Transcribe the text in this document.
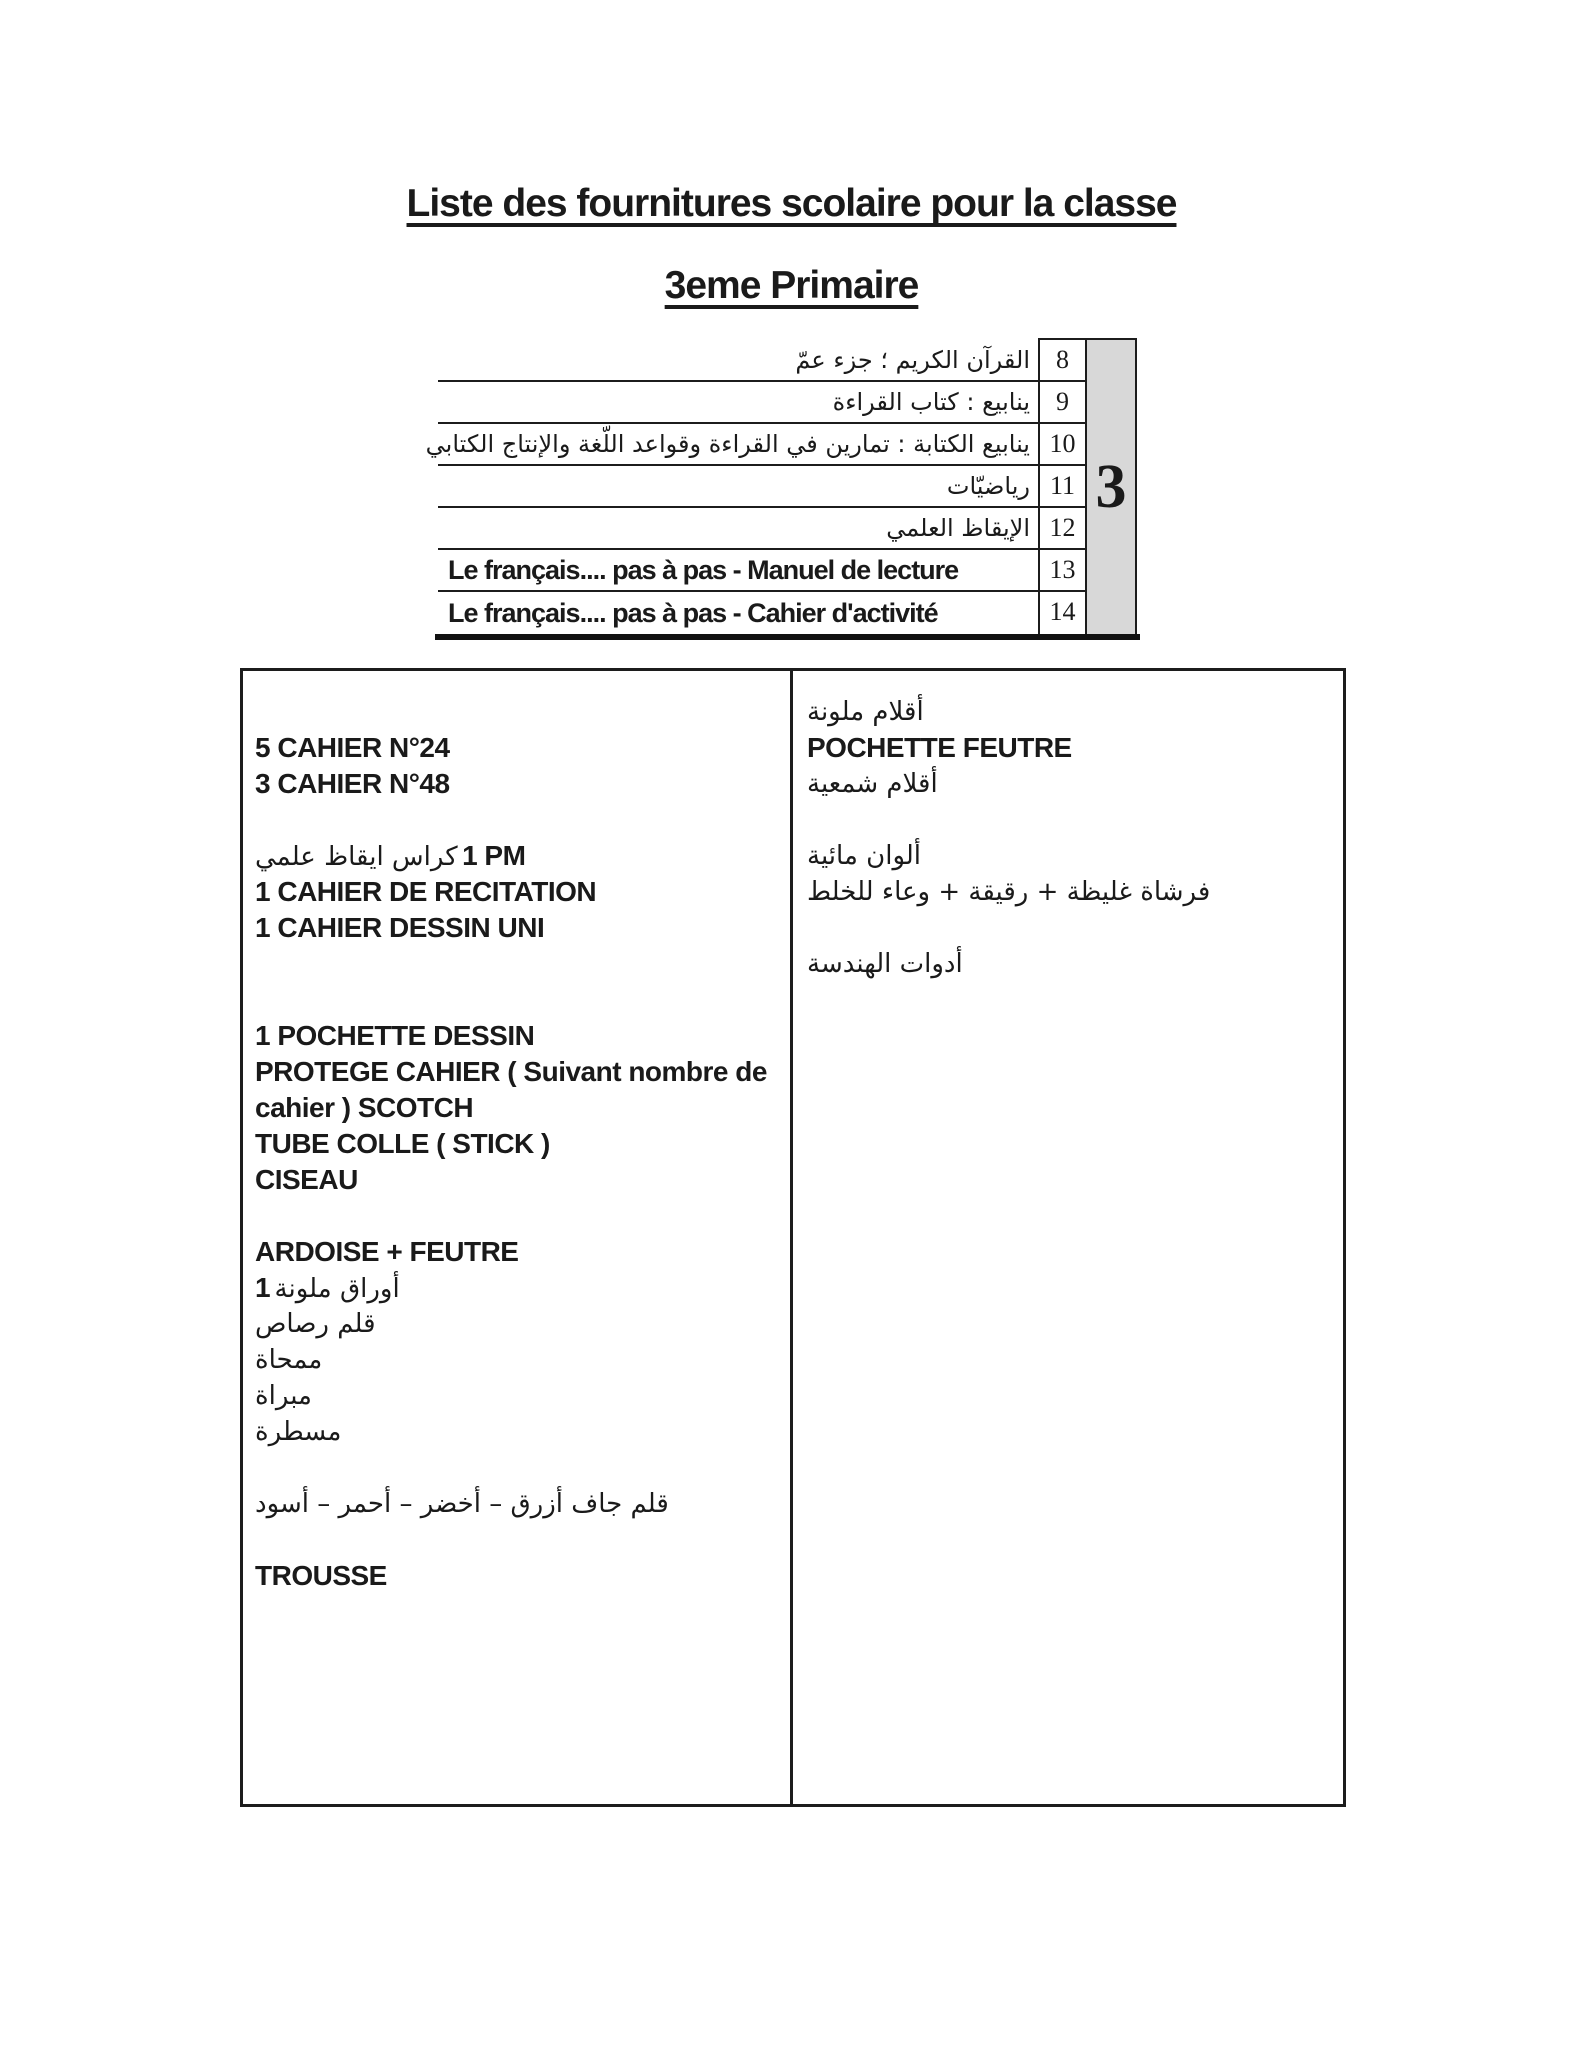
Liste des fournitures scolaire pour la classe
3eme Primaire
القرآن الكريم ؛ جزء عمّ
ينابيع : كتاب القراءة
ينابيع الكتابة : تمارين في القراءة وقواعد اللّغة والإنتاج الكتابي
رياضيّات
الإيقاظ العلمي
Le français.... pas à pas - Manuel de lecture
Le français.... pas à pas - Cahier d'activité
8
9
10
11
12
13
14
3

5 CAHIER N°24
3 CAHIER N°48

كراس ايقاظ علمي 1 PM
1 CAHIER DE RECITATION
1 CAHIER DESSIN UNI

1 POCHETTE DESSIN
PROTEGE CAHIER ( Suivant nombre de
cahier ) SCOTCH
TUBE COLLE ( STICK )
CISEAU

ARDOISE + FEUTRE
1 أوراق ملونة
قلم رصاص
ممحاة
مبراة
مسطرة

قلم جاف أزرق – أخضر – أحمر – أسود

TROUSSE
أقلام ملونة
POCHETTE FEUTRE
أقلام شمعية

ألوان مائية
فرشاة غليظة + رقيقة + وعاء للخلط

أدوات الهندسة
